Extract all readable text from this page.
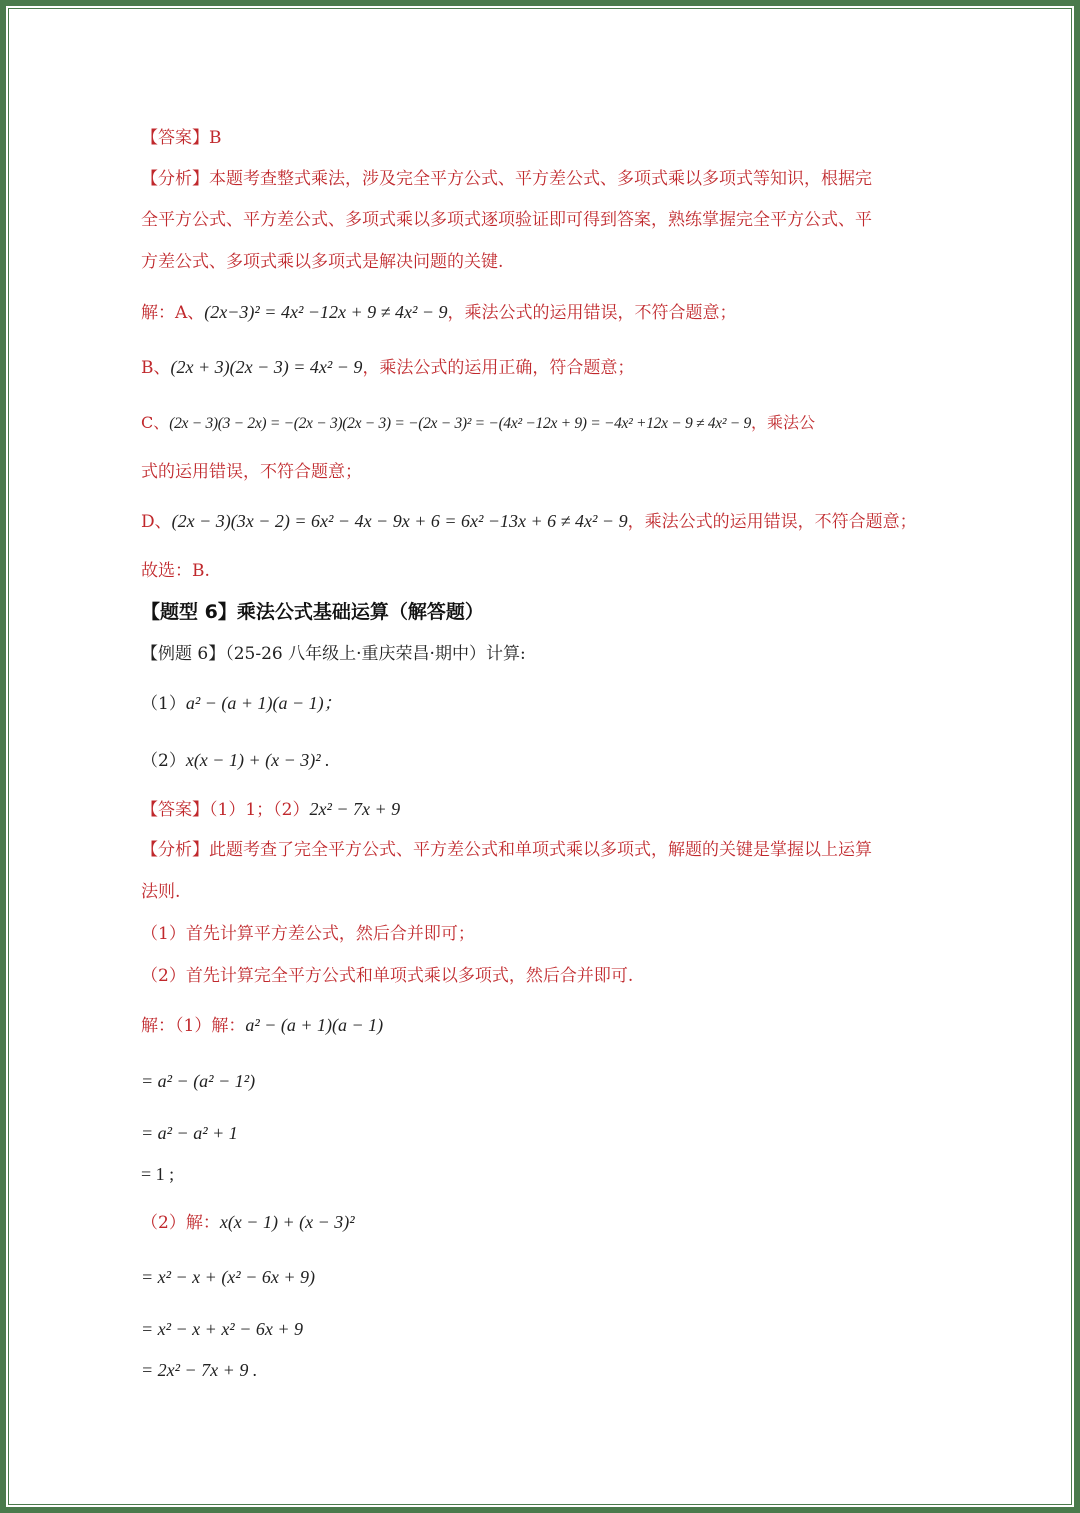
【答案】B
【分析】本题考查整式乘法，涉及完全平方公式、平方差公式、多项式乘以多项式等知识，根据完
全平方公式、平方差公式、多项式乘以多项式逐项验证即可得到答案，熟练掌握完全平方公式、平
方差公式、多项式乘以多项式是解决问题的关键.
解：A、(2x−3)² = 4x² −12x + 9 ≠ 4x² − 9，乘法公式的运用错误，不符合题意；
B、(2x + 3)(2x − 3) = 4x² − 9，乘法公式的运用正确，符合题意；
C、(2x − 3)(3 − 2x) = −(2x − 3)(2x − 3) = −(2x − 3)² = −(4x² −12x + 9) = −4x² +12x − 9 ≠ 4x² − 9，乘法公
式的运用错误，不符合题意；
D、(2x − 3)(3x − 2) = 6x² − 4x − 9x + 6 = 6x² −13x + 6 ≠ 4x² − 9，乘法公式的运用错误，不符合题意；
故选：B.
【题型 6】乘法公式基础运算（解答题）
【例题 6】（25-26 八年级上·重庆荣昌·期中）计算:
（1）a² − (a + 1)(a − 1)；
（2）x(x − 1) + (x − 3)² .
【答案】（1）1；（2）2x² − 7x + 9
【分析】此题考查了完全平方公式、平方差公式和单项式乘以多项式，解题的关键是掌握以上运算
法则.
（1）首先计算平方差公式，然后合并即可；
（2）首先计算完全平方公式和单项式乘以多项式，然后合并即可.
解：（1）解：a² − (a + 1)(a − 1)
= a² − (a² − 1²)
= a² − a² + 1
= 1 ;
（2）解：x(x − 1) + (x − 3)²
= x² − x + (x² − 6x + 9)
= x² − x + x² − 6x + 9
= 2x² − 7x + 9 .
